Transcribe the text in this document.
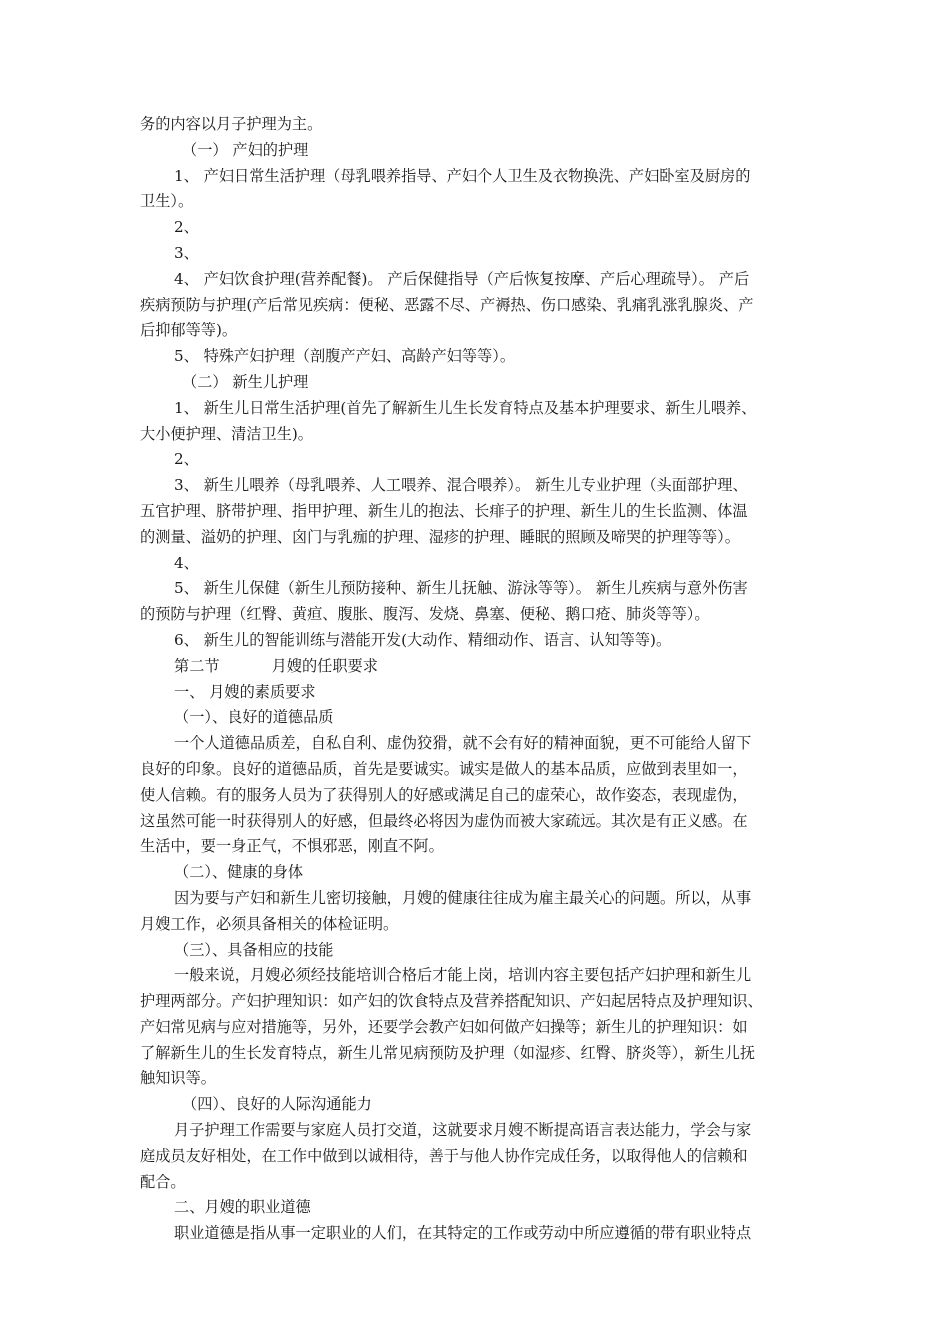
务的内容以月子护理为主。
（一） 产妇的护理
1、 产妇日常生活护理（母乳喂养指导、产妇个人卫生及衣物换洗、产妇卧室及厨房的
卫生）。
2、
3、
4、 产妇饮食护理(营养配餐)。 产后保健指导（产后恢复按摩、产后心理疏导）。 产后
疾病预防与护理(产后常见疾病：便秘、恶露不尽、产褥热、伤口感染、乳痛乳涨乳腺炎、产
后抑郁等等)。
5、 特殊产妇护理（剖腹产产妇、高龄产妇等等）。
（二） 新生儿护理
1、 新生儿日常生活护理(首先了解新生儿生长发育特点及基本护理要求、新生儿喂养、
大小便护理、清洁卫生)。
2、
3、 新生儿喂养（母乳喂养、人工喂养、混合喂养）。 新生儿专业护理（头面部护理、
五官护理、脐带护理、指甲护理、新生儿的抱法、长痱子的护理、新生儿的生长监测、体温
的测量、溢奶的护理、囟门与乳痂的护理、湿疹的护理、睡眠的照顾及啼哭的护理等等）。
4、
5、 新生儿保健（新生儿预防接种、新生儿抚触、游泳等等）。 新生儿疾病与意外伤害
的预防与护理（红臀、黄疸、腹胀、腹泻、发烧、鼻塞、便秘、鹅口疮、肺炎等等）。
6、 新生儿的智能训练与潜能开发(大动作、精细动作、语言、认知等等)。
第二节	月嫂的任职要求
一、 月嫂的素质要求
（一）、良好的道德品质
一个人道德品质差，自私自利、虚伪狡猾，就不会有好的精神面貌，更不可能给人留下
良好的印象。良好的道德品质，首先是要诚实。诚实是做人的基本品质，应做到表里如一，
使人信赖。有的服务人员为了获得别人的好感或满足自己的虚荣心，故作姿态，表现虚伪，
这虽然可能一时获得别人的好感，但最终必将因为虚伪而被大家疏远。其次是有正义感。在
生活中，要一身正气，不惧邪恶，刚直不阿。
（二）、健康的身体
因为要与产妇和新生儿密切接触，月嫂的健康往往成为雇主最关心的问题。所以，从事
月嫂工作，必须具备相关的体检证明。
（三）、具备相应的技能
一般来说，月嫂必须经技能培训合格后才能上岗，培训内容主要包括产妇护理和新生儿
护理两部分。产妇护理知识：如产妇的饮食特点及营养搭配知识、产妇起居特点及护理知识、
产妇常见病与应对措施等，另外，还要学会教产妇如何做产妇操等；新生儿的护理知识：如
了解新生儿的生长发育特点，新生儿常见病预防及护理（如湿疹、红臀、脐炎等），新生儿抚
触知识等。
（四）、良好的人际沟通能力
月子护理工作需要与家庭人员打交道，这就要求月嫂不断提高语言表达能力，学会与家
庭成员友好相处，在工作中做到以诚相待，善于与他人协作完成任务，以取得他人的信赖和
配合。
二、月嫂的职业道德
职业道德是指从事一定职业的人们，在其特定的工作或劳动中所应遵循的带有职业特点
